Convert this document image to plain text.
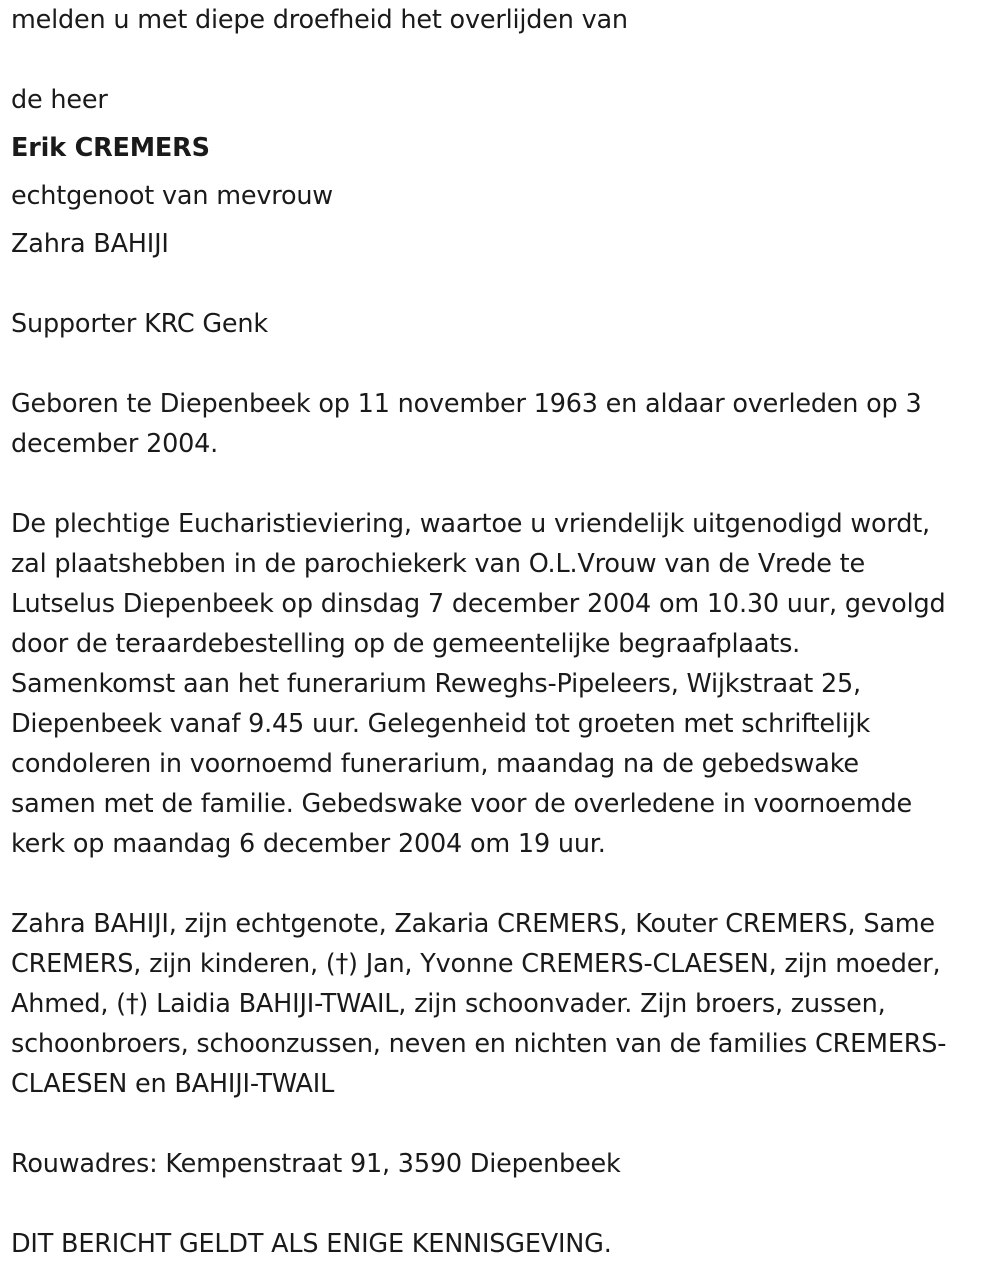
melden u met diepe droefheid het overlijden van

de heer

Erik CREMERS

echtgenoot van mevrouw

Zahra BAHIJI

Supporter KRC Genk

Geboren te Diepenbeek op 11 november 1963 en aldaar overleden op 3
december 2004.
De plechtige Eucharistieviering, waartoe u vriendelijk uitgenodigd wordt,
zal plaatshebben in de parochiekerk van O.L.Vrouw van de Vrede te
Lutselus Diepenbeek op dinsdag 7 december 2004 om 10.30 uur, gevolgd
door de teraardebestelling op de gemeentelijke begraafplaats.
Samenkomst aan het funerarium Reweghs-Pipeleers, Wijkstraat 25,
Diepenbeek vanaf 9.45 uur. Gelegenheid tot groeten met schriftelijk
condoleren in voornoemd funerarium, maandag na de gebedswake
samen met de familie. Gebedswake voor de overledene in voornoemde
kerk op maandag 6 december 2004 om 19 uur.
Zahra BAHIJI, zijn echtgenote, Zakaria CREMERS, Kouter CREMERS, Same
CREMERS, zijn kinderen, (†) Jan, Yvonne CREMERS-CLAESEN, zijn moeder,
Ahmed, (†) Laidia BAHIJI-TWAIL, zijn schoonvader. Zijn broers, zussen,
schoonbroers, schoonzussen, neven en nichten van de families CREMERS-
CLAESEN en BAHIJI-TWAIL

Rouwadres: Kempenstraat 91, 3590 Diepenbeek

DIT BERICHT GELDT ALS ENIGE KENNISGEVING.
